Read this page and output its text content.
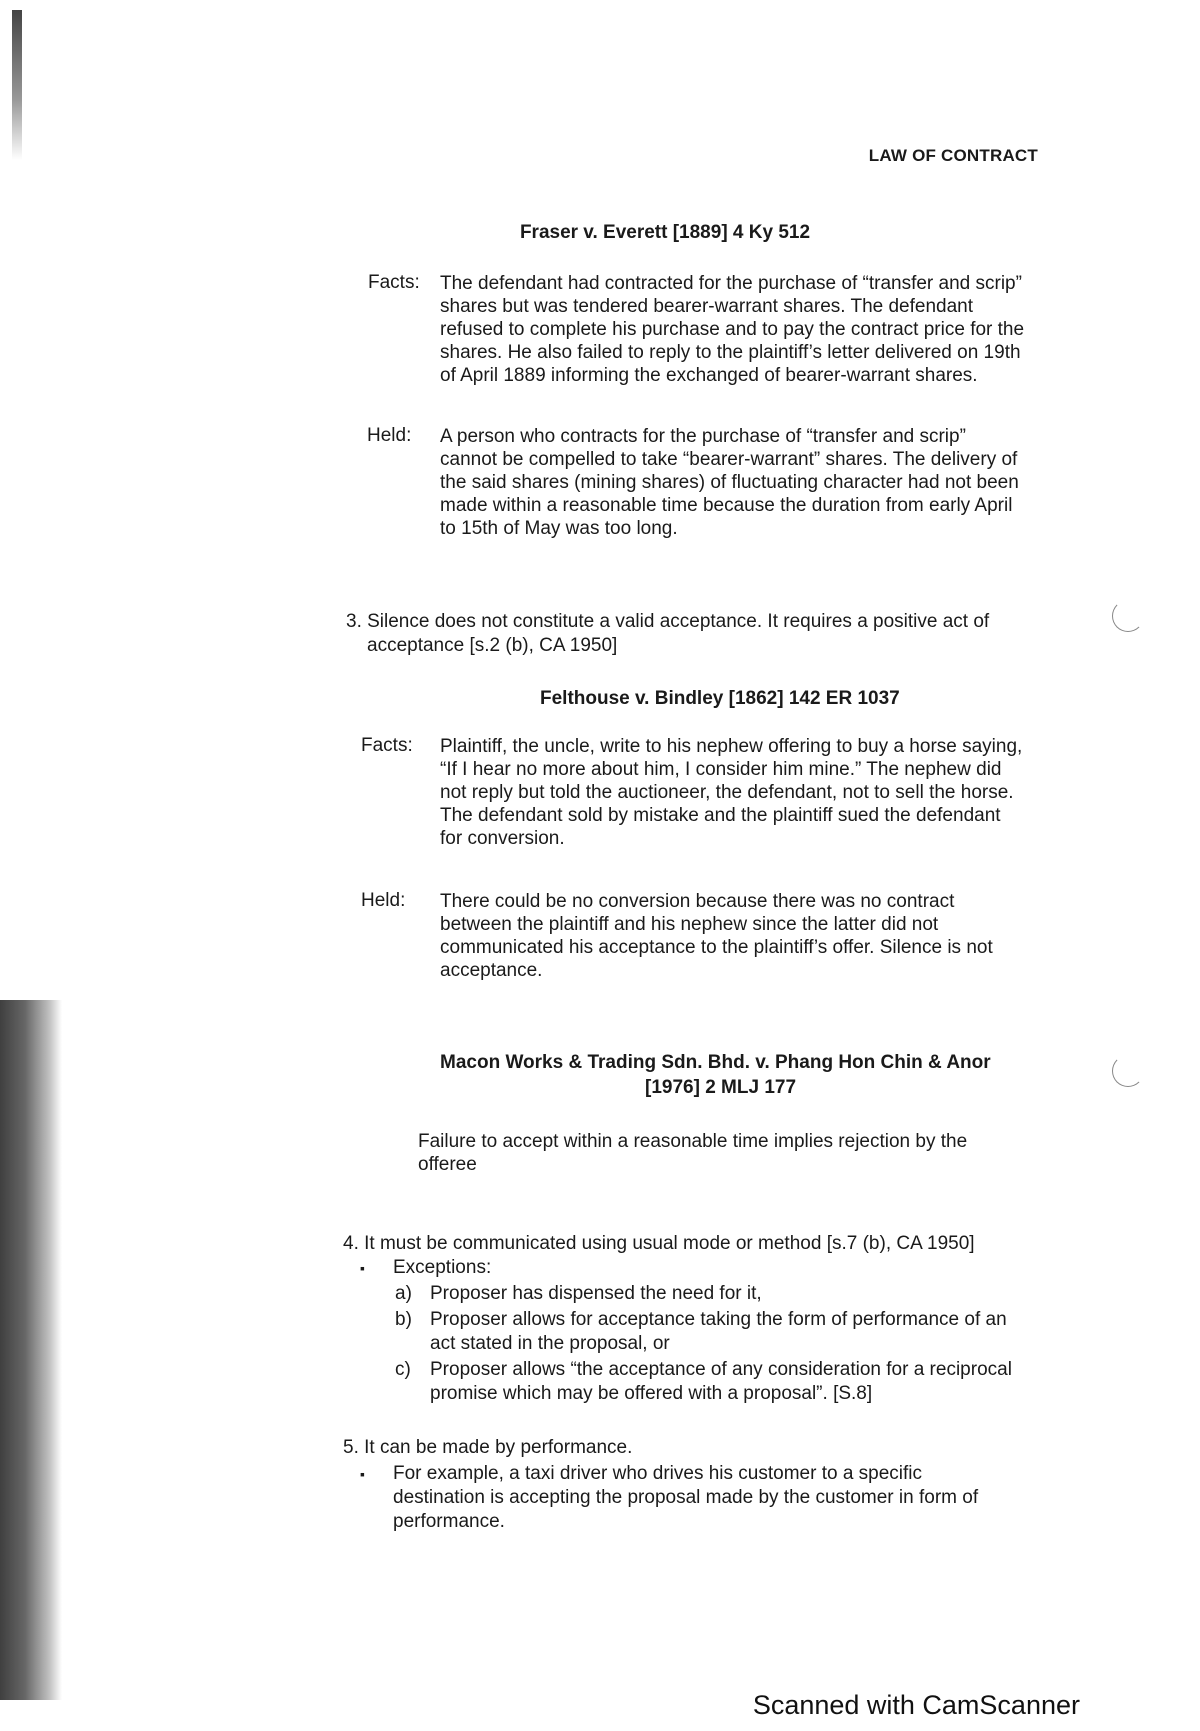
LAW OF CONTRACT
Fraser v. Everett [1889] 4 Ky 512
Facts: The defendant had contracted for the purchase of “transfer and scrip”
shares but was tendered bearer-warrant shares. The defendant
refused to complete his purchase and to pay the contract price for the
shares. He also failed to reply to the plaintiff’s letter delivered on 19th
of April 1889 informing the exchanged of bearer-warrant shares.
Held: A person who contracts for the purchase of “transfer and scrip”
cannot be compelled to take “bearer-warrant” shares. The delivery of
the said shares (mining shares) of fluctuating character had not been
made within a reasonable time because the duration from early April
to 15th of May was too long.
3. Silence does not constitute a valid acceptance. It requires a positive act of
acceptance [s.2 (b), CA 1950]
Felthouse v. Bindley [1862] 142 ER 1037
Facts: Plaintiff, the uncle, write to his nephew offering to buy a horse saying,
“If I hear no more about him, I consider him mine.” The nephew did
not reply but told the auctioneer, the defendant, not to sell the horse.
The defendant sold by mistake and the plaintiff sued the defendant
for conversion.
Held: There could be no conversion because there was no contract
between the plaintiff and his nephew since the latter did not
communicated his acceptance to the plaintiff’s offer. Silence is not
acceptance.
Macon Works & Trading Sdn. Bhd. v. Phang Hon Chin & Anor
[1976] 2 MLJ 177
Failure to accept within a reasonable time implies rejection by the
offeree
4. It must be communicated using usual mode or method [s.7 (b), CA 1950]
▪ Exceptions:
a) Proposer has dispensed the need for it,
b) Proposer allows for acceptance taking the form of performance of an
act stated in the proposal, or
c) Proposer allows “the acceptance of any consideration for a reciprocal
promise which may be offered with a proposal”. [S.8]
5. It can be made by performance.
▪ For example, a taxi driver who drives his customer to a specific
destination is accepting the proposal made by the customer in form of
performance.
Scanned with CamScanner
